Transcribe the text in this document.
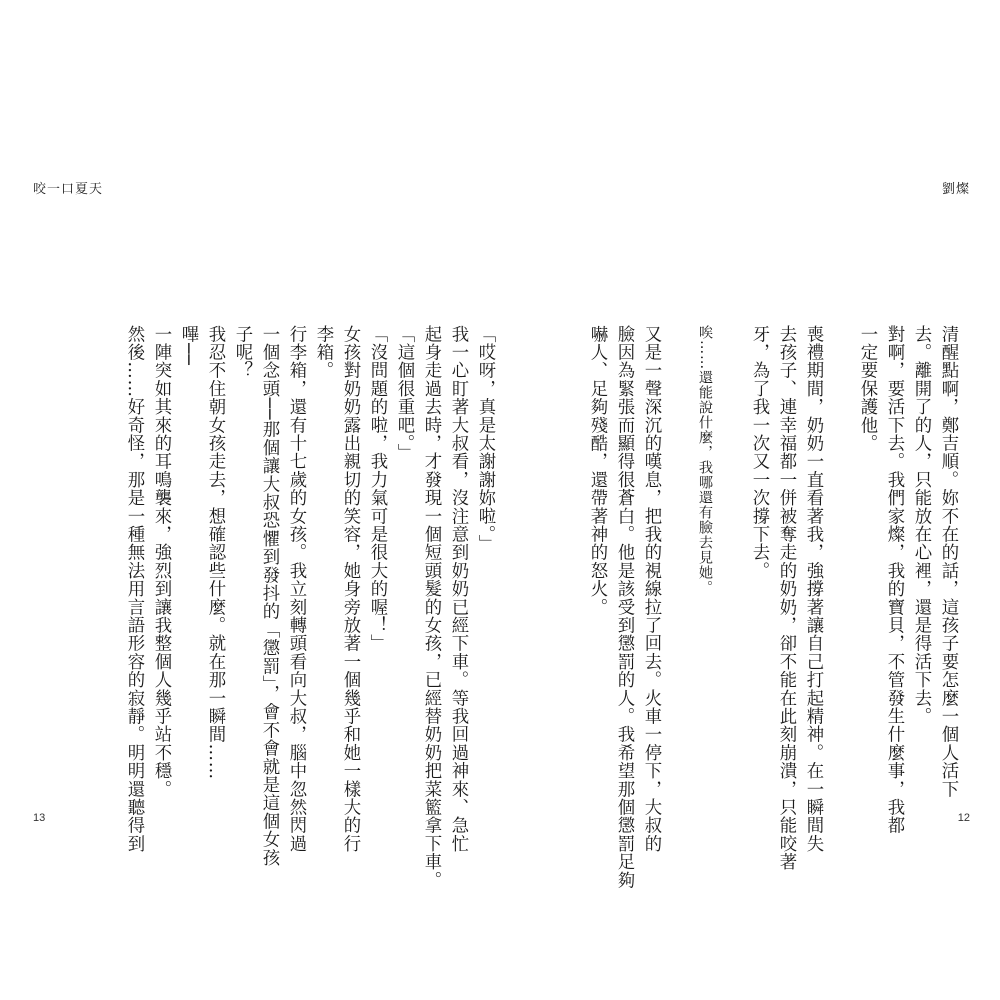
咬一口夏天
「哎呀，真是太謝謝妳啦。」
我一心盯著大叔看，沒注意到奶奶已經下車。等我回過神來、急忙
起身走過去時，才發現一個短頭髮的女孩，已經替奶奶把菜籃拿下車。
「這個很重吧。」
「沒問題的啦，我力氣可是很大的喔！」
女孩對奶奶露出親切的笑容，她身旁放著一個幾乎和她一樣大的行
李箱。
行李箱，還有十七歲的女孩。我立刻轉頭看向大叔，腦中忽然閃過
一個念頭──那個讓大叔恐懼到發抖的「懲罰」，會不會就是這個女孩
子呢？
我忍不住朝女孩走去，想確認些什麼。就在那一瞬間……
嗶──
一陣突如其來的耳鳴襲來，強烈到讓我整個人幾乎站不穩。
然後……好奇怪，那是一種無法用言語形容的寂靜。明明還聽得到
13
劉燦
清醒點啊，鄭吉順。妳不在的話，這孩子要怎麼一個人活下
去。離開了的人，只能放在心裡，還是得活下去。
對啊，要活下去。我們家燦，我的寶貝，不管發生什麼事，我都
一定要保護他。
喪禮期間，奶奶一直看著我，強撐著讓自己打起精神。在一瞬間失
去孩子、連幸福都一併被奪走的奶奶，卻不能在此刻崩潰，只能咬著
牙，為了我一次又一次撐下去。
唉……還能說什麼，我哪還有臉去見她。
又是一聲深沉的嘆息，把我的視線拉了回去。火車一停下，大叔的
臉因為緊張而顯得很蒼白。他是該受到懲罰的人。我希望那個懲罰足夠
嚇人、足夠殘酷，還帶著神的怒火。
12
